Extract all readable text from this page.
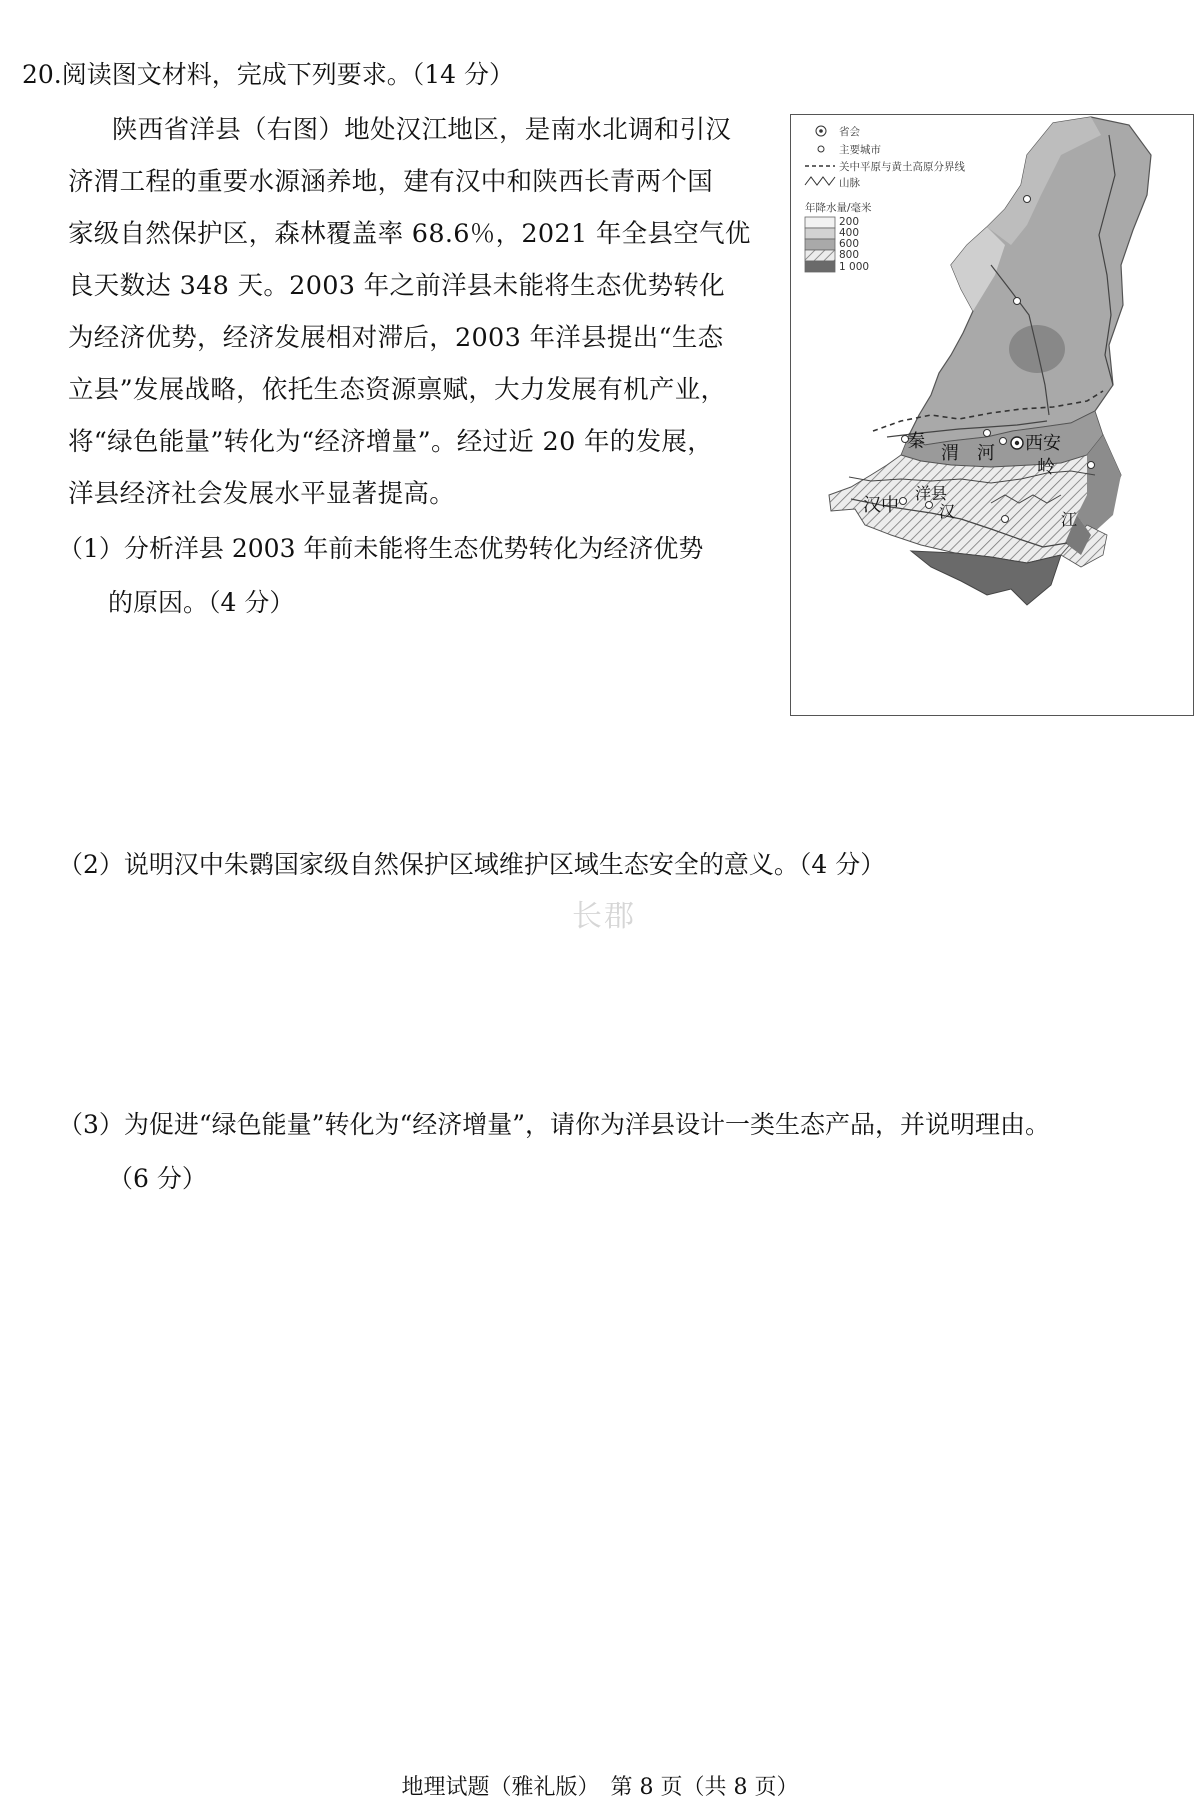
20.阅读图文材料，完成下列要求。（14 分）
陕西省洋县（右图）地处汉江地区，是南水北调和引汉
济渭工程的重要水源涵养地，建有汉中和陕西长青两个国
家级自然保护区，森林覆盖率 68.6％，2021 年全县空气优
良天数达 348 天。2003 年之前洋县未能将生态优势转化
为经济优势，经济发展相对滞后，2003 年洋县提出“生态
立县”发展战略，依托生态资源禀赋，大力发展有机产业，
将“绿色能量”转化为“经济增量”。经过近 20 年的发展，
洋县经济社会发展水平显著提高。
（1）分析洋县 2003 年前未能将生态优势转化为经济优势
的原因。（4 分）
（2）说明汉中朱鹮国家级自然保护区域维护区域生态安全的意义。（4 分）
长郡
（3）为促进“绿色能量”转化为“经济增量”，请你为洋县设计一类生态产品，并说明理由。
（6 分）
省会
主要城市
关中平原与黄土高原分界线
山脉
年降水量/毫米
200
400
600
800
1 000
秦
渭 河 西安
岭
汉中
洋县
汉	江
地理试题（雅礼版）　第 8 页（共 8 页）
